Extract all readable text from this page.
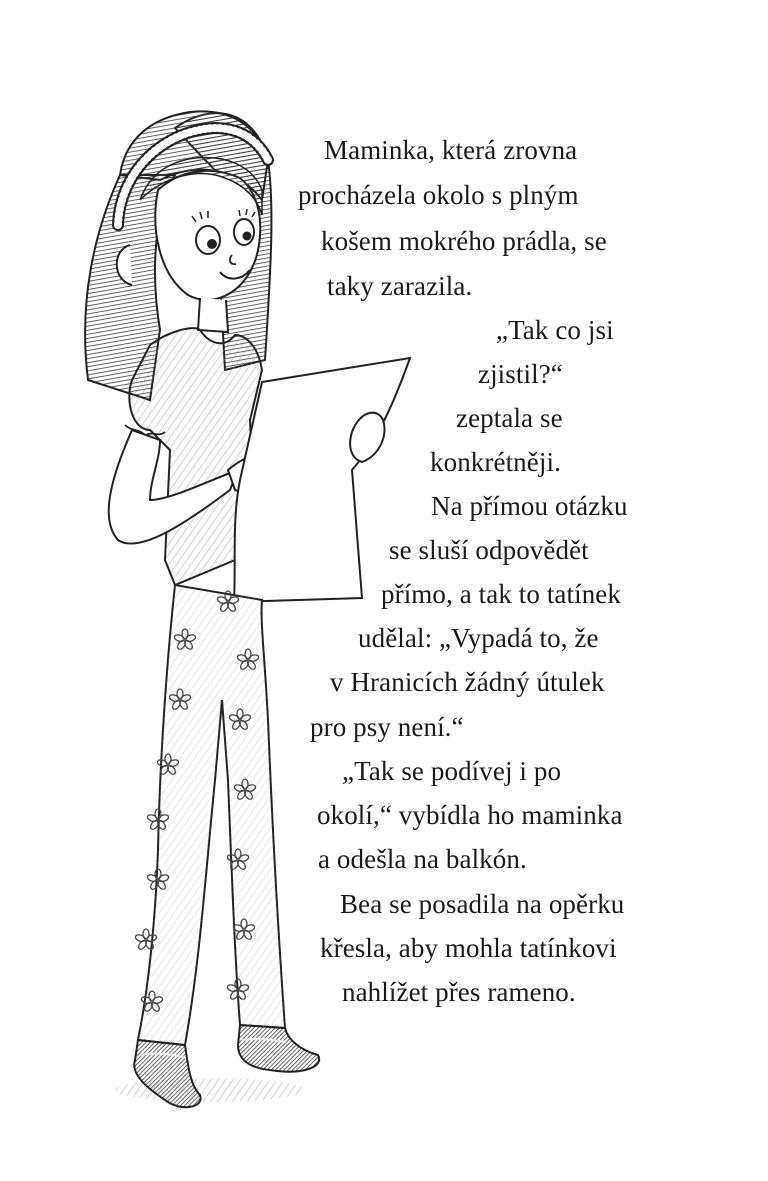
Maminka, která zrovna
procházela okolo s plným
košem mokrého prádla, se
taky zarazila.
„Tak co jsi
zjistil?“
zeptala se
konkrétněji.
Na přímou otázku
se sluší odpovědět
přímo, a tak to tatínek
udělal: „Vypadá to, že
v Hranicích žádný útulek
pro psy není.“
„Tak se podívej i po
okolí,“ vybídla ho maminka
a odešla na balkón.
Bea se posadila na opěrku
křesla, aby mohla tatínkovi
nahlížet přes rameno.
